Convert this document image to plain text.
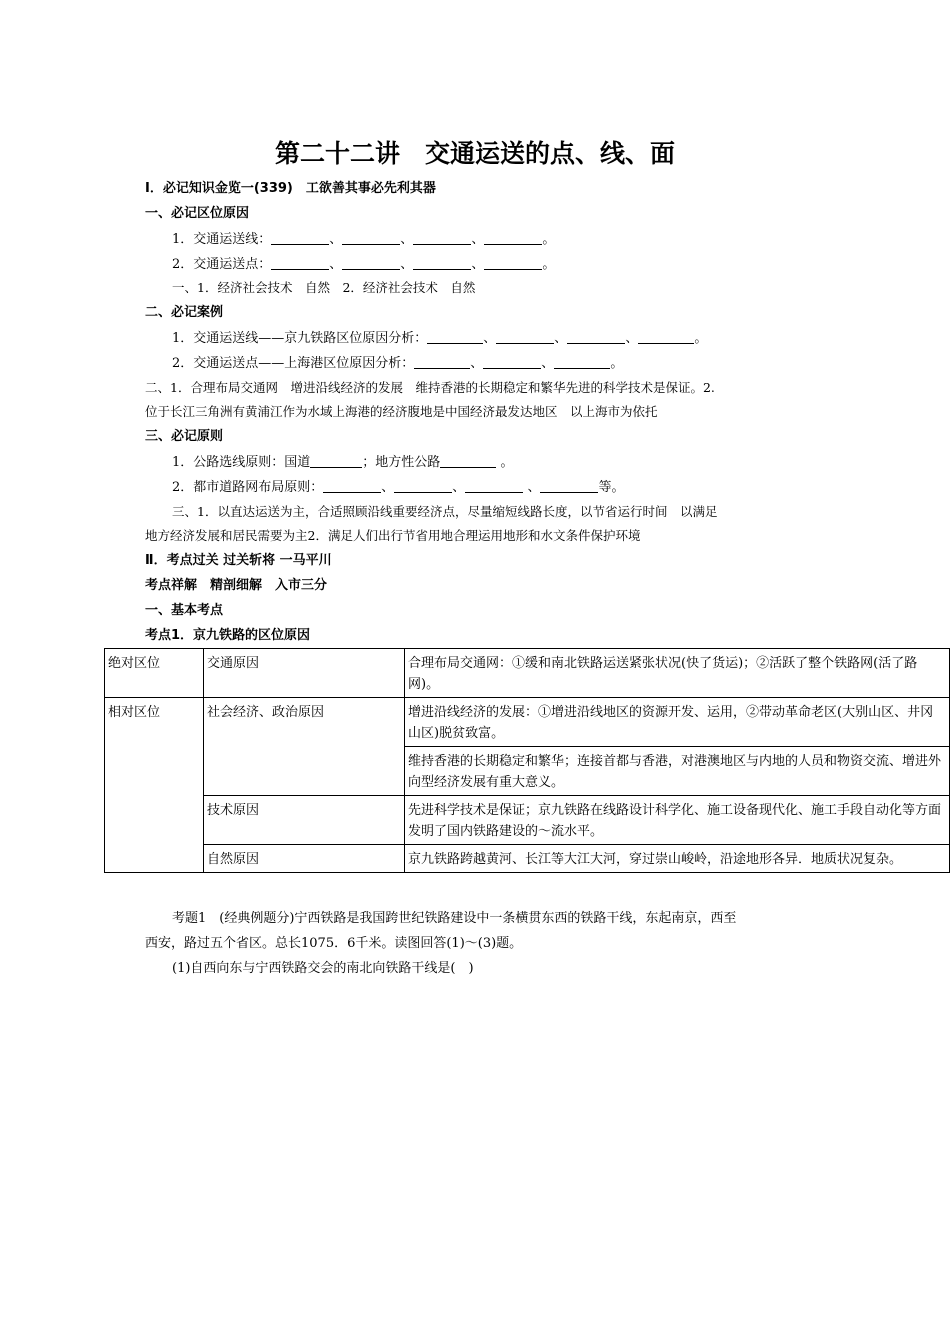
第二十二讲　交通运送的点、线、面
I．必记知识金览一(339)　工欲善其事必先利其器
一、必记区位原因
1．交通运送线：	、	、	、	。
2．交通运送点：	、	、	、	。
一、1．经济社会技术　自然　2．经济社会技术　自然
二、必记案例
1．交通运送线——京九铁路区位原因分析：	、	、	、	。
2．交通运送点——上海港区位原因分析：	、	、	。
二、1．合理布局交通网　增进沿线经济的发展　维持香港的长期稳定和繁华先进的科学技术是保证。2.
位于长江三角洲有黄浦江作为水域上海港的经济腹地是中国经济最发达地区　以上海市为依托
三、必记原则
1．公路选线原则：国道	；地方性公路	。
2．都市道路网布局原则：	、	、	、	等。
三、1．以直达运送为主，合适照顾沿线重要经济点，尽量缩短线路长度，以节省运行时间　以满足
地方经济发展和居民需要为主2．满足人们出行节省用地合理运用地形和水文条件保护环境
Ⅱ．考点过关 过关斩将 一马平川
考点祥解　精剖细解　入市三分
一、基本考点
考点1．京九铁路的区位原因
绝对区位	交通原因	合理布局交通网：①缓和南北铁路运送紧张状况(快了货运)；②活跃了整个铁路网(活了路网)。
相对区位	社会经济、政治原因	增进沿线经济的发展：①增进沿线地区的资源开发、运用，②带动革命老区(大别山区、井冈山区)脱贫致富。
		维持香港的长期稳定和繁华；连接首都与香港，对港澳地区与内地的人员和物资交流、增进外向型经济发展有重大意义。
	技术原因	先进科学技术是保证；京九铁路在线路设计科学化、施工设备现代化、施工手段自动化等方面发明了国内铁路建设的～流水平。
	自然原因	京九铁路跨越黄河、长江等大江大河，穿过崇山峻岭，沿途地形各异．地质状况复杂。
考题1　(经典例题分)宁西铁路是我国跨世纪铁路建设中一条横贯东西的铁路干线，东起南京，西至
西安，路过五个省区。总长1075．6千米。读图回答(1)～(3)题。
(1)自西向东与宁西铁路交会的南北向铁路干线是(　)
